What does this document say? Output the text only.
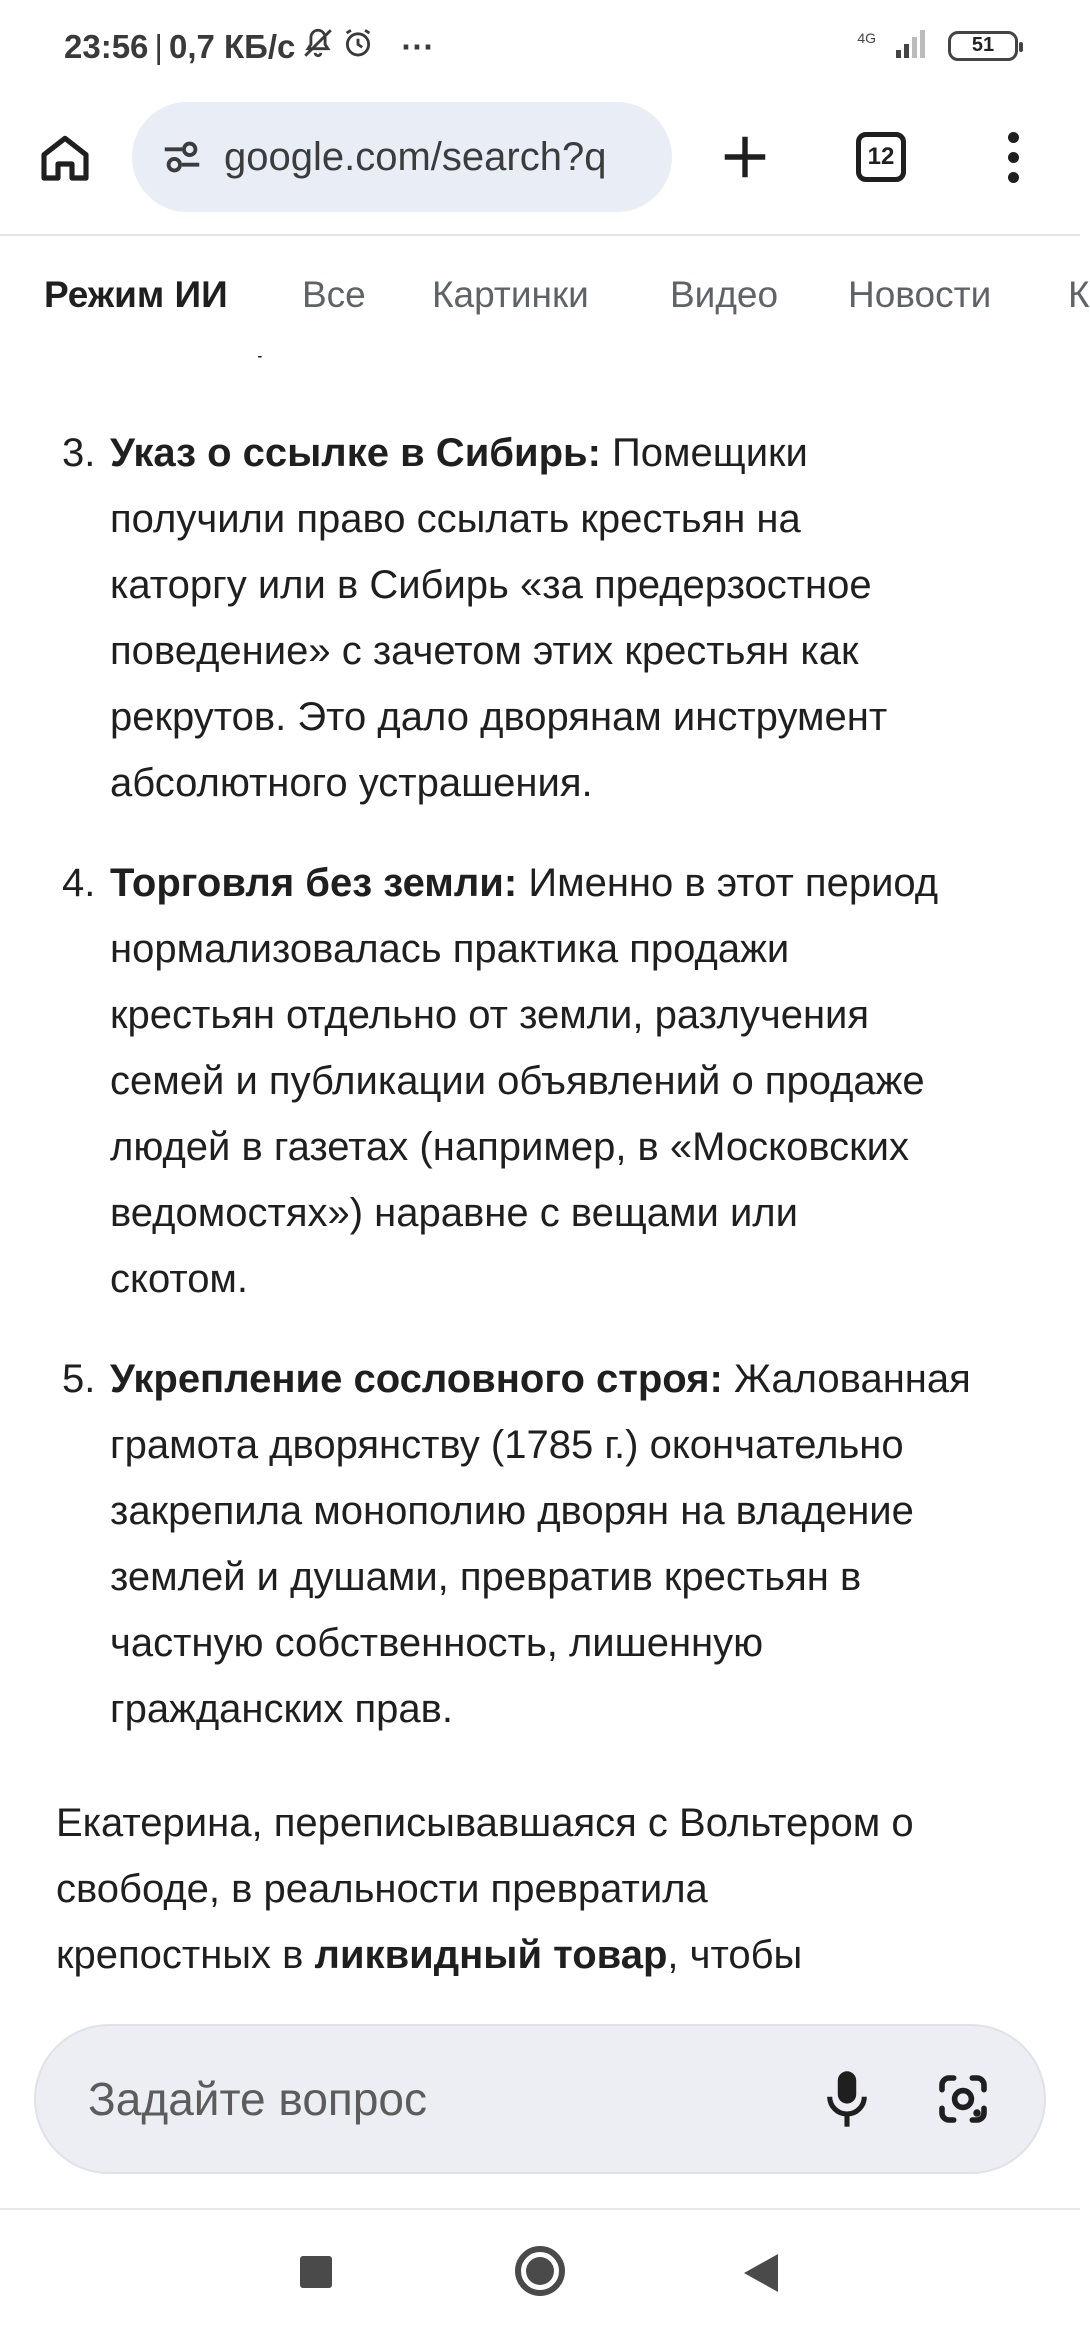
23:56 | 0,7 КБ/с	···	4G	51
google.com/search?q	12
Режим ИИ Все Картинки Видео Новости К
3. Указ о ссылке в Сибирь: Помещики
получили право ссылать крестьян на
каторгу или в Сибирь «за предерзостное
поведение» с зачетом этих крестьян как
рекрутов. Это дало дворянам инструмент
абсолютного устрашения.
4. Торговля без земли: Именно в этот период
нормализовалась практика продажи
крестьян отдельно от земли, разлучения
семей и публикации объявлений о продаже
людей в газетах (например, в «Московских
ведомостях») наравне с вещами или
скотом.
5. Укрепление сословного строя: Жалованная
грамота дворянству (1785 г.) окончательно
закрепила монополию дворян на владение
землей и душами, превратив крестьян в
частную собственность, лишенную
гражданских прав.
Екатерина, переписывавшаяся с Вольтером о
свободе, в реальности превратила
крепостных в ликвидный товар, чтобы
Задайте вопрос
